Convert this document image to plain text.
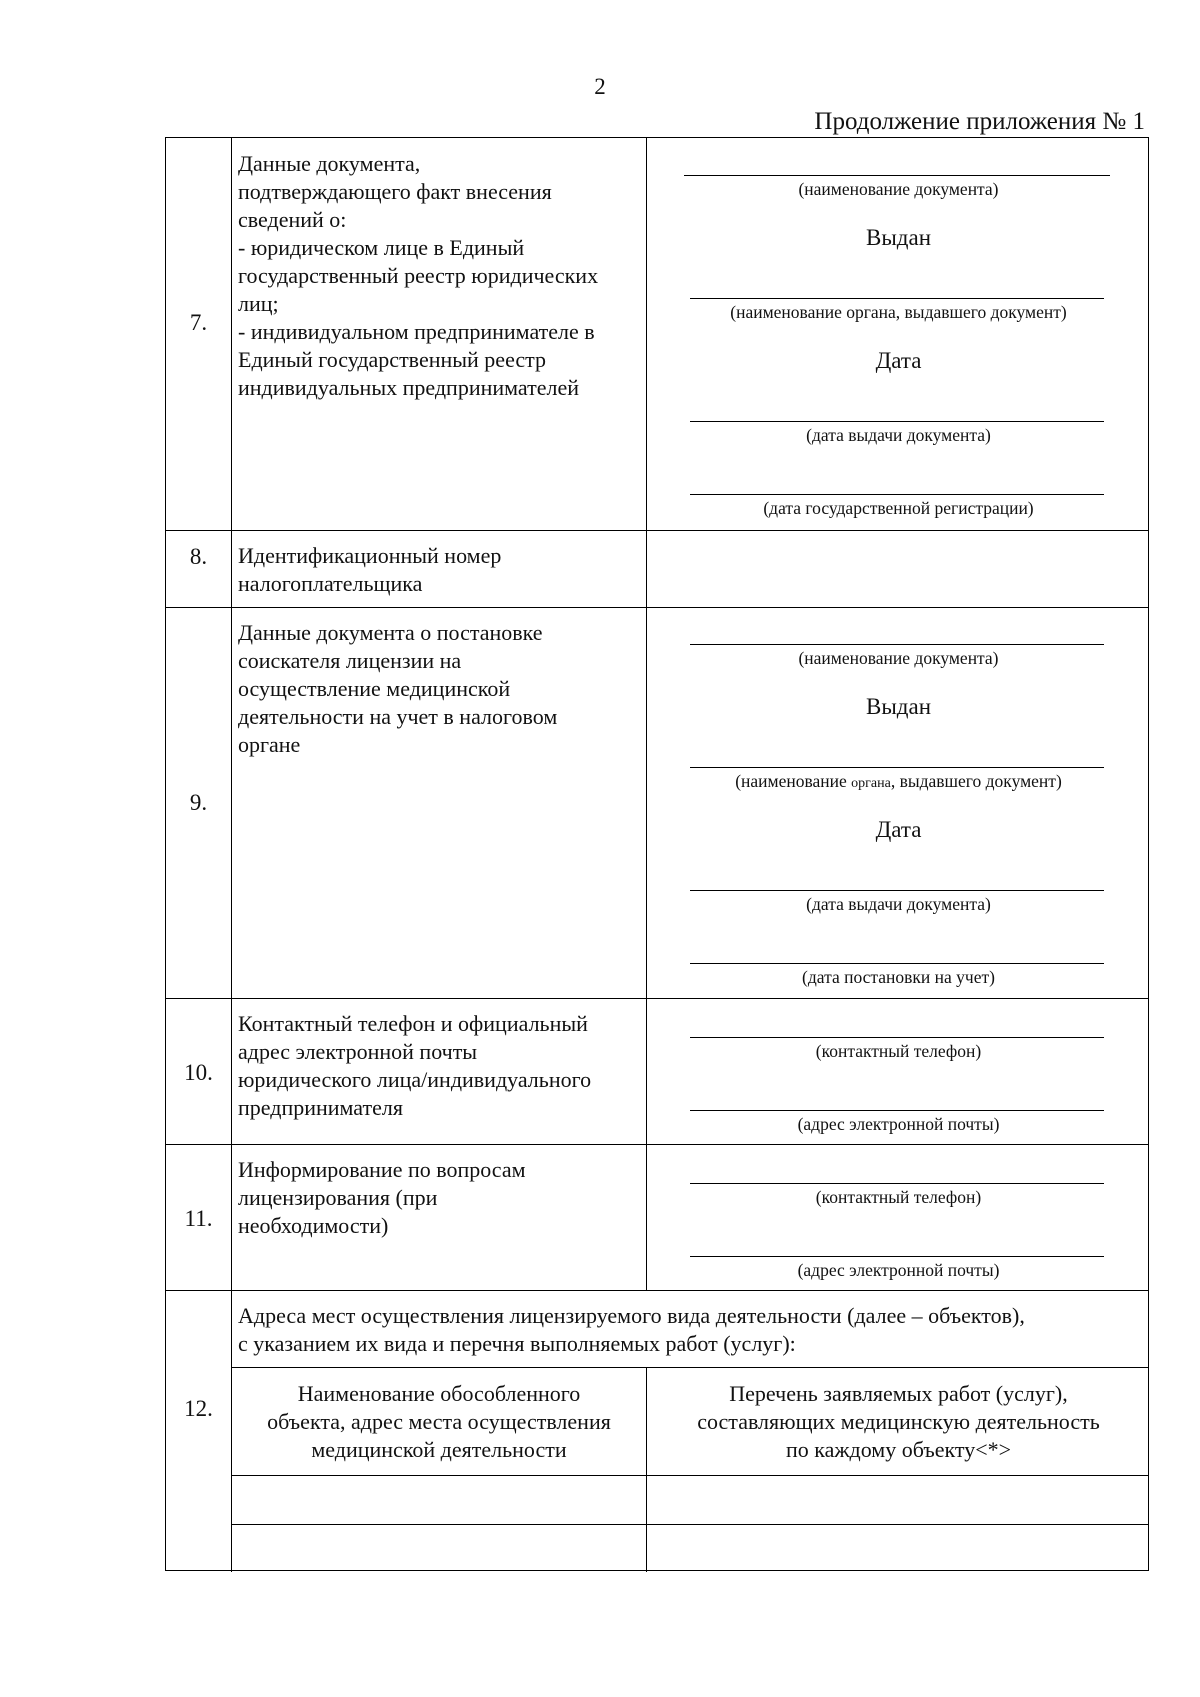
2
Продолжение приложения № 1
7.
Данные документа,
подтверждающего факт внесения
сведений о:
- юридическом лице в Единый
государственный реестр юридических
лиц;
- индивидуальном предпринимателе в
Единый государственный реестр
индивидуальных предпринимателей
(наименование документа)
Выдан
(наименование органа, выдавшего документ)
Дата
(дата выдачи документа)
(дата государственной регистрации)
8.	Идентификационный номер
налогоплательщика
9.
Данные документа о постановке
соискателя лицензии на
осуществление медицинской
деятельности на учет в налоговом
органе
(наименование документа)
Выдан
(наименование органа, выдавшего документ)
Дата
(дата выдачи документа)
(дата постановки на учет)
10.
Контактный телефон и официальный
адрес электронной почты
юридического лица/индивидуального
предпринимателя
(контактный телефон)
(адрес электронной почты)
11.
Информирование по вопросам
лицензирования (при
необходимости)
(контактный телефон)
(адрес электронной почты)
12.
Адреса мест осуществления лицензируемого вида деятельности (далее – объектов),
с указанием их вида и перечня выполняемых работ (услуг):
Наименование обособленного
объекта, адрес места осуществления
медицинской деятельности
Перечень заявляемых работ (услуг),
составляющих медицинскую деятельность
по каждому объекту<*>
